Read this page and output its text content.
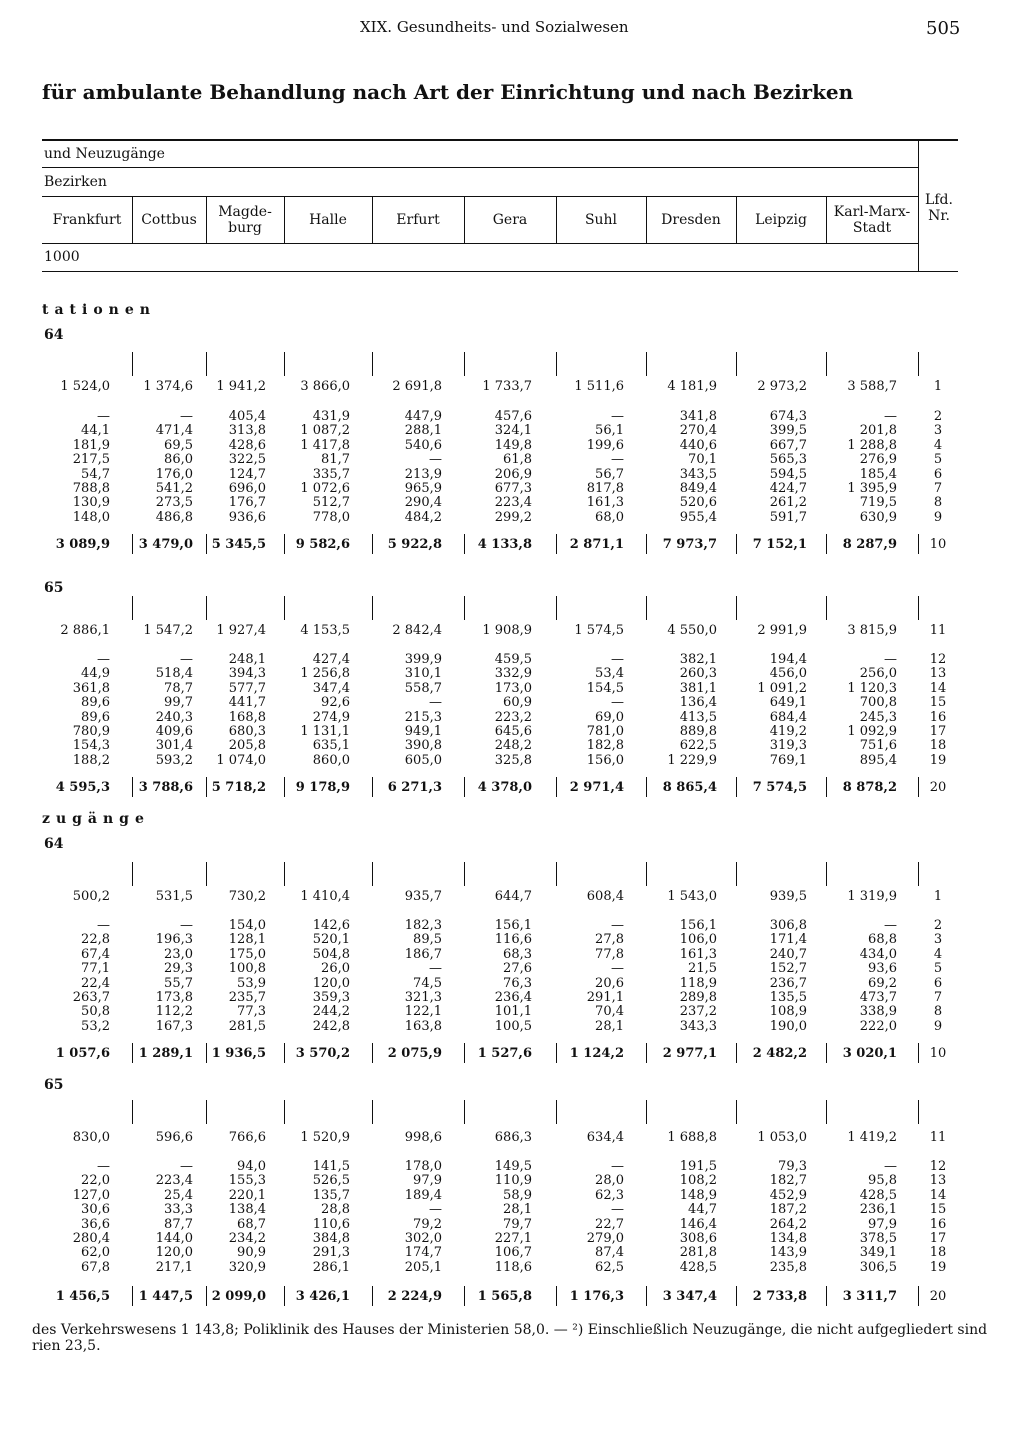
XIX. Gesundheits- und Sozialwesen	505
für ambulante Behandlung nach Art der Einrichtung und nach Bezirken
und Neuzugänge
Bezirken
1000
Lfd.
Nr.
Frankfurt	Cottbus	Magde-
burg	Halle	Erfurt	Gera	Suhl	Dresden	Leipzig	Karl-Marx-
Stadt
tationen
64
1 524,0	1 374,6	1 941,2	3 866,0	2 691,8	1 733,7	1 511,6	4 181,9	2 973,2	3 588,7	1
—	—	405,4	431,9	447,9	457,6	—	341,8	674,3	—	2
44,1	471,4	313,8	1 087,2	288,1	324,1	56,1	270,4	399,5	201,8	3
181,9	69,5	428,6	1 417,8	540,6	149,8	199,6	440,6	667,7	1 288,8	4
217,5	86,0	322,5	81,7	—	61,8	—	70,1	565,3	276,9	5
54,7	176,0	124,7	335,7	213,9	206,9	56,7	343,5	594,5	185,4	6
788,8	541,2	696,0	1 072,6	965,9	677,3	817,8	849,4	424,7	1 395,9	7
130,9	273,5	176,7	512,7	290,4	223,4	161,3	520,6	261,2	719,5	8
148,0	486,8	936,6	778,0	484,2	299,2	68,0	955,4	591,7	630,9	9
3 089,9	3 479,0	5 345,5	9 582,6	5 922,8	4 133,8	2 871,1	7 973,7	7 152,1	8 287,9	10
65
2 886,1	1 547,2	1 927,4	4 153,5	2 842,4	1 908,9	1 574,5	4 550,0	2 991,9	3 815,9	11
—	—	248,1	427,4	399,9	459,5	—	382,1	194,4	—	12
44,9	518,4	394,3	1 256,8	310,1	332,9	53,4	260,3	456,0	256,0	13
361,8	78,7	577,7	347,4	558,7	173,0	154,5	381,1	1 091,2	1 120,3	14
89,6	99,7	441,7	92,6	—	60,9	—	136,4	649,1	700,8	15
89,6	240,3	168,8	274,9	215,3	223,2	69,0	413,5	684,4	245,3	16
780,9	409,6	680,3	1 131,1	949,1	645,6	781,0	889,8	419,2	1 092,9	17
154,3	301,4	205,8	635,1	390,8	248,2	182,8	622,5	319,3	751,6	18
188,2	593,2	1 074,0	860,0	605,0	325,8	156,0	1 229,9	769,1	895,4	19
4 595,3	3 788,6	5 718,2	9 178,9	6 271,3	4 378,0	2 971,4	8 865,4	7 574,5	8 878,2	20
zugänge
64
500,2	531,5	730,2	1 410,4	935,7	644,7	608,4	1 543,0	939,5	1 319,9	1
—	—	154,0	142,6	182,3	156,1	—	156,1	306,8	—	2
22,8	196,3	128,1	520,1	89,5	116,6	27,8	106,0	171,4	68,8	3
67,4	23,0	175,0	504,8	186,7	68,3	77,8	161,3	240,7	434,0	4
77,1	29,3	100,8	26,0	—	27,6	—	21,5	152,7	93,6	5
22,4	55,7	53,9	120,0	74,5	76,3	20,6	118,9	236,7	69,2	6
263,7	173,8	235,7	359,3	321,3	236,4	291,1	289,8	135,5	473,7	7
50,8	112,2	77,3	244,2	122,1	101,1	70,4	237,2	108,9	338,9	8
53,2	167,3	281,5	242,8	163,8	100,5	28,1	343,3	190,0	222,0	9
1 057,6	1 289,1	1 936,5	3 570,2	2 075,9	1 527,6	1 124,2	2 977,1	2 482,2	3 020,1	10
65
830,0	596,6	766,6	1 520,9	998,6	686,3	634,4	1 688,8	1 053,0	1 419,2	11
—	—	94,0	141,5	178,0	149,5	—	191,5	79,3	—	12
22,0	223,4	155,3	526,5	97,9	110,9	28,0	108,2	182,7	95,8	13
127,0	25,4	220,1	135,7	189,4	58,9	62,3	148,9	452,9	428,5	14
30,6	33,3	138,4	28,8	—	28,1	—	44,7	187,2	236,1	15
36,6	87,7	68,7	110,6	79,2	79,7	22,7	146,4	264,2	97,9	16
280,4	144,0	234,2	384,8	302,0	227,1	279,0	308,6	134,8	378,5	17
62,0	120,0	90,9	291,3	174,7	106,7	87,4	281,8	143,9	349,1	18
67,8	217,1	320,9	286,1	205,1	118,6	62,5	428,5	235,8	306,5	19
1 456,5	1 447,5	2 099,0	3 426,1	2 224,9	1 565,8	1 176,3	3 347,4	2 733,8	3 311,7	20
des Verkehrswesens 1 143,8; Poliklinik des Hauses der Ministerien 58,0. — ²) Einschließlich Neuzugänge, die nicht aufgegliedert sind
rien 23,5.
